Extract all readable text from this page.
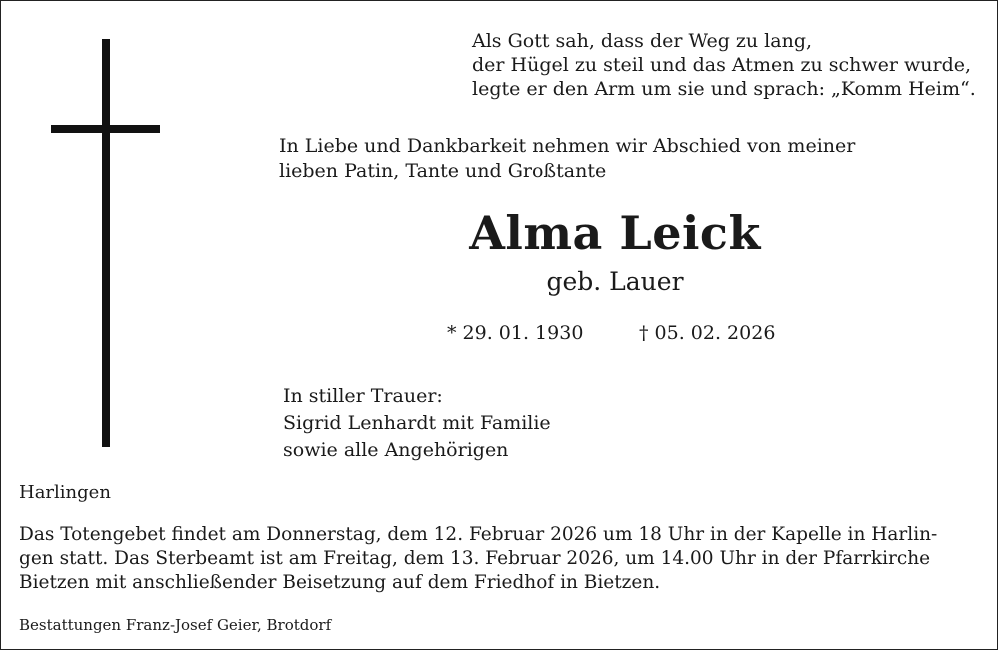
Als Gott sah, dass der Weg zu lang,
der Hügel zu steil und das Atmen zu schwer wurde,
legte er den Arm um sie und sprach: „Komm Heim“.
In Liebe und Dankbarkeit nehmen wir Abschied von meiner
lieben Patin, Tante und Großtante
Alma Leick
geb. Lauer
* 29. 01. 1930	† 05. 02. 2026
In stiller Trauer:
Sigrid Lenhardt mit Familie
sowie alle Angehörigen
Harlingen
Das Totengebet findet am Donnerstag, dem 12. Februar 2026 um 18 Uhr in der Kapelle in Harlin-
gen statt. Das Sterbeamt ist am Freitag, dem 13. Februar 2026, um 14.00 Uhr in der Pfarrkirche
Bietzen mit anschließender Beisetzung auf dem Friedhof in Bietzen.
Bestattungen Franz-Josef Geier, Brotdorf
